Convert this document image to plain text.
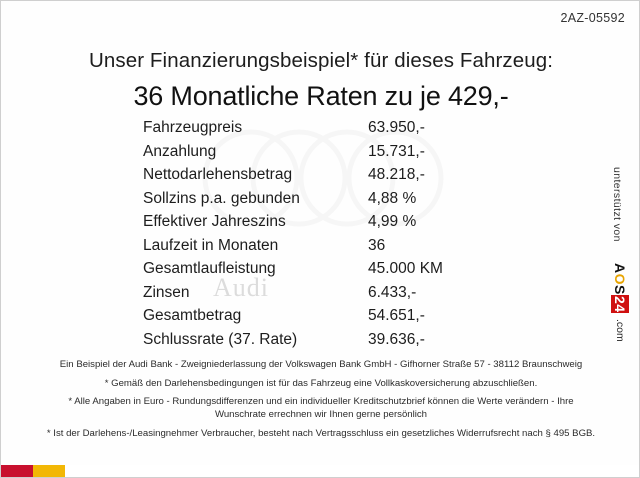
Audi
2AZ-05592
Unser Finanzierungsbeispiel* für dieses Fahrzeug:
36 Monatliche Raten zu je 429,-
Fahrzeugpreis	63.950,-
Anzahlung	15.731,-
Nettodarlehensbetrag	48.218,-
Sollzins p.a. gebunden	4,88 %
Effektiver Jahreszins	4,99 %
Laufzeit in Monaten	36
Gesamtlaufleistung	45.000 KM
Zinsen	6.433,-
Gesamtbetrag	54.651,-
Schlussrate (37. Rate)	39.636,-
unterstützt von
AOS24
.com

Ein Beispiel der Audi Bank - Zweigniederlassung der Volkswagen Bank GmbH - Gifhorner Straße 57 - 38112 Braunschweig

* Gemäß den Darlehensbedingungen ist für das Fahrzeug eine Vollkaskoversicherung abzuschließen.

* Alle Angaben in Euro - Rundungsdifferenzen und ein individueller Kreditschutzbrief können die Werte verändern - Ihre Wunschrate errechnen wir Ihnen gerne persönlich

* Ist der Darlehens-/Leasingnehmer Verbraucher, besteht nach Vertragsschluss ein gesetzliches Widerrufsrecht nach § 495 BGB.
